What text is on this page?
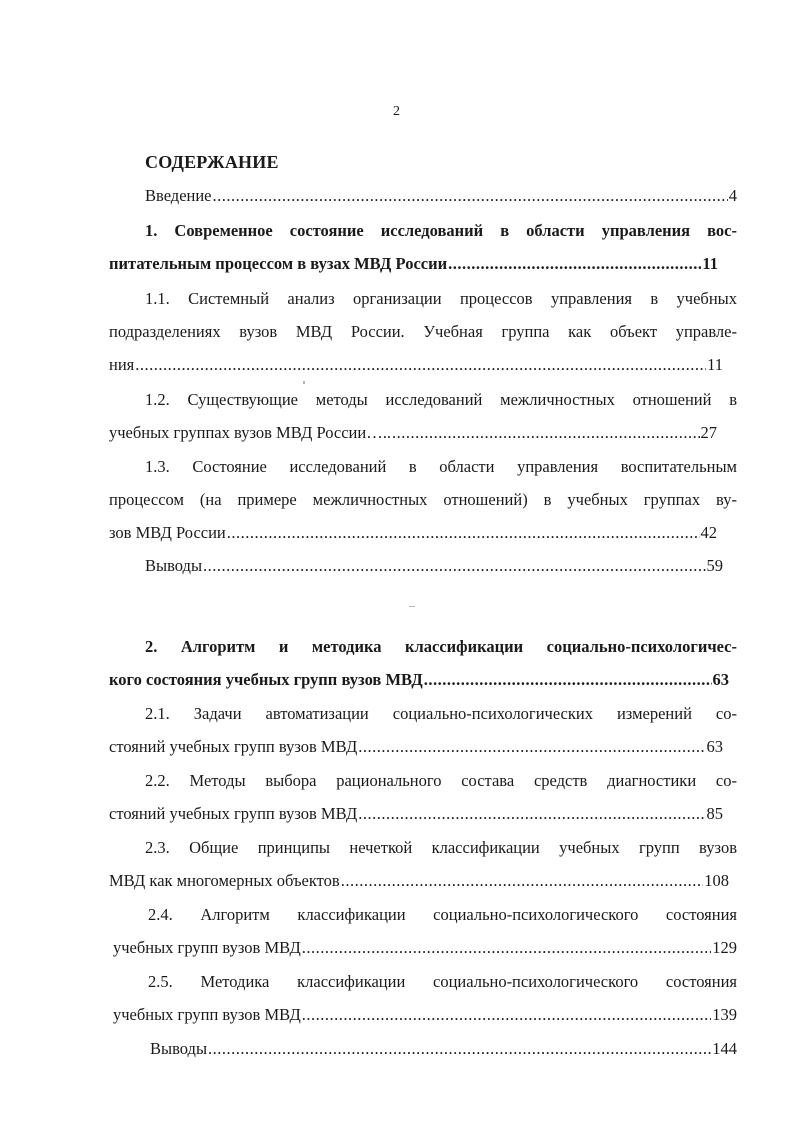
2
СОДЕРЖАНИЕ
Введение .....	4
1. Современное состояние исследований в области управления вос-
питательным процессом в вузах МВД России .....	11
1.1. Системный анализ организации процессов управления в учебных
подразделениях вузов МВД России. Учебная группа как объект управле-
ния .....	11
1.2. Существующие методы исследований межличностных отношений в
учебных группах вузов МВД России….. .....	27
1.3. Состояние исследований в области управления воспитательным
процессом (на примере межличностных отношений) в учебных группах ву-
зов МВД России .....	42
Выводы .....	59
2. Алгоритм и методика классификации социально-психологичес-
кого состояния учебных групп вузов МВД .....	63
2.1. Задачи автоматизации социально-психологических измерений со-
стояний учебных групп вузов МВД .....	63
2.2. Методы выбора рационального состава средств диагностики со-
стояний учебных групп вузов МВД .....	85
2.3. Общие принципы нечеткой классификации учебных групп вузов
МВД как многомерных объектов .....	108
2.4. Алгоритм классификации социально-психологического состояния
учебных групп вузов МВД .....	129
2.5. Методика классификации социально-психологического состояния
учебных групп вузов МВД .....	139
Выводы .....	144
